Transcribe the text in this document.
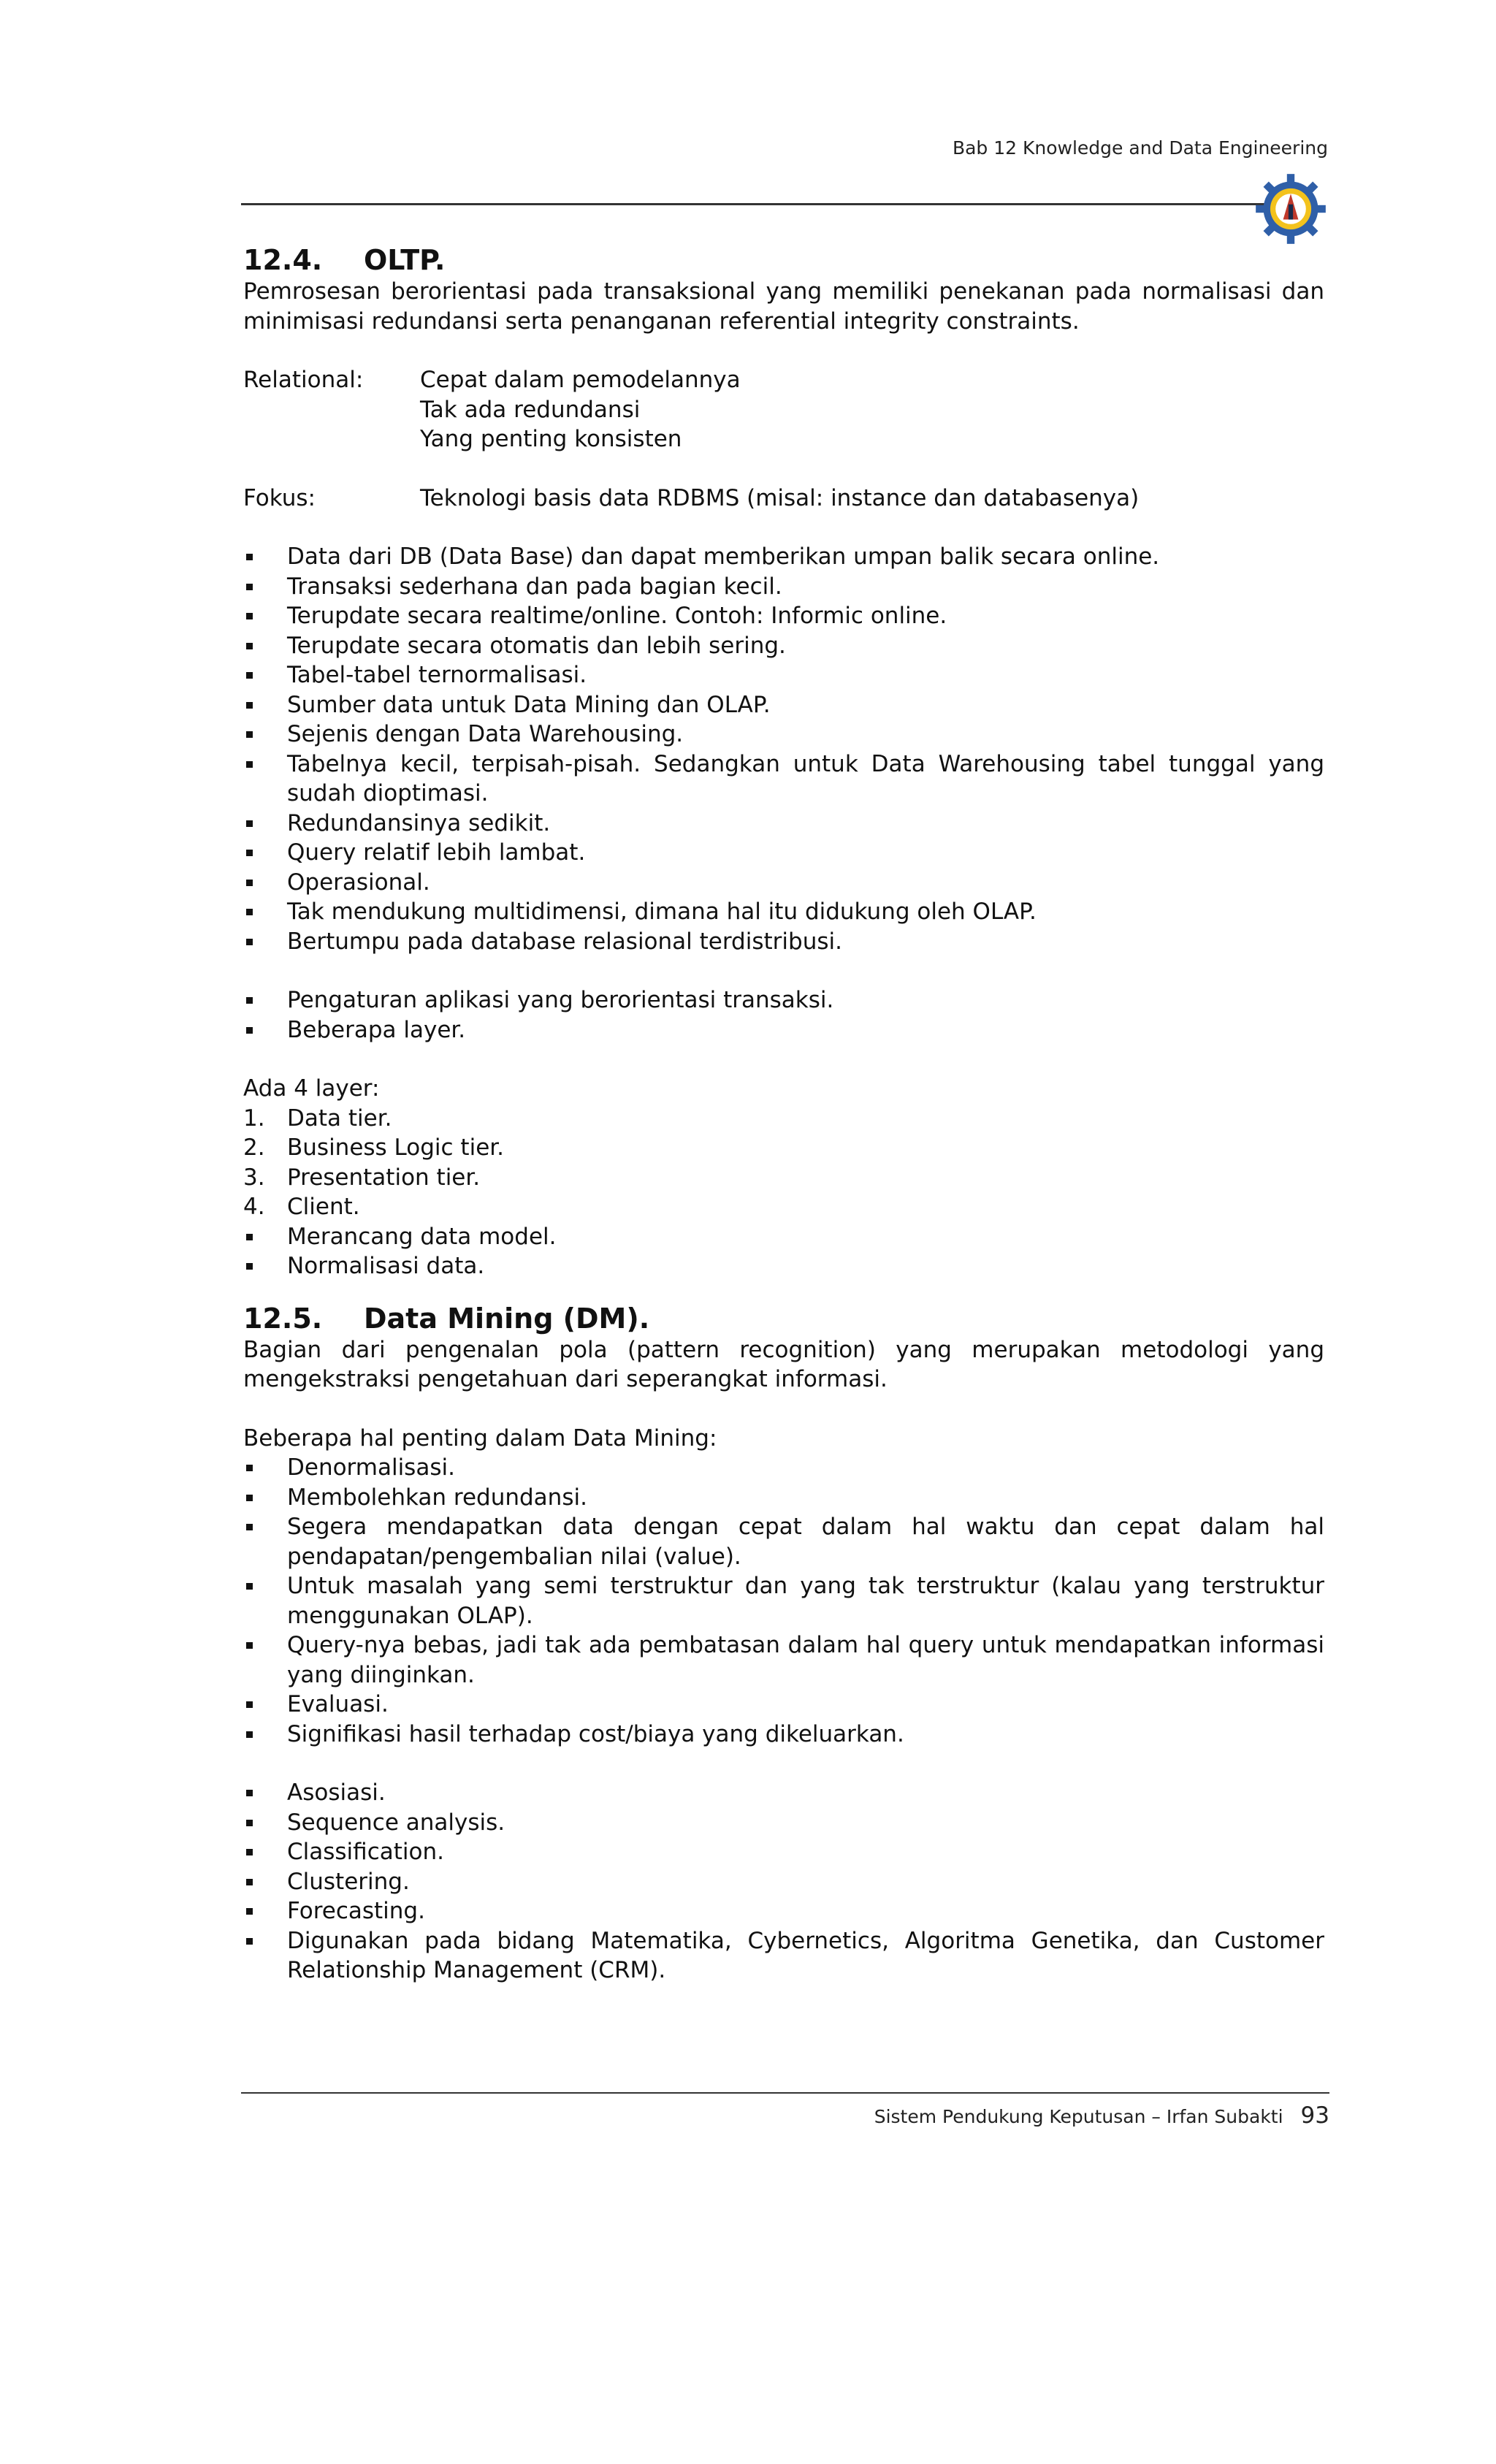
Bab 12 Knowledge and Data Engineering
12.4.	OLTP.

Pemrosesan berorientasi pada transaksional yang memiliki penekanan pada normalisasi dan minimisasi redundansi serta penanganan referential integrity constraints.

Relational:	Cepat dalam pemodelannya
Tak ada redundansi
Yang penting konsisten
Fokus:	Teknologi basis data RDBMS (misal: instance dan databasenya)
Data dari DB (Data Base) dan dapat memberikan umpan balik secara online.
Transaksi sederhana dan pada bagian kecil.
Terupdate secara realtime/online. Contoh: Informic online.
Terupdate secara otomatis dan lebih sering.
Tabel-tabel ternormalisasi.
Sumber data untuk Data Mining dan OLAP.
Sejenis dengan Data Warehousing.
Tabelnya kecil, terpisah-pisah. Sedangkan untuk Data Warehousing tabel tunggal yang sudah dioptimasi.
Redundansinya sedikit.
Query relatif lebih lambat.
Operasional.
Tak mendukung multidimensi, dimana hal itu didukung oleh OLAP.
Bertumpu pada database relasional terdistribusi.
Pengaturan aplikasi yang berorientasi transaksi.
Beberapa layer.
Ada 4 layer:
1. Data tier.
2. Business Logic tier.
3. Presentation tier.
4. Client.
Merancang data model.
Normalisasi data.
12.5.	Data Mining (DM).

Bagian dari pengenalan pola (pattern recognition) yang merupakan metodologi yang mengekstraksi pengetahuan dari seperangkat informasi.

Beberapa hal penting dalam Data Mining:
Denormalisasi.
Membolehkan redundansi.
Segera mendapatkan data dengan cepat dalam hal waktu dan cepat dalam hal pendapatan/pengembalian nilai (value).
Untuk masalah yang semi terstruktur dan yang tak terstruktur (kalau yang terstruktur menggunakan OLAP).
Query-nya bebas, jadi tak ada pembatasan dalam hal query untuk mendapatkan informasi yang diinginkan.
Evaluasi.
Signifikasi hasil terhadap cost/biaya yang dikeluarkan.
Asosiasi.
Sequence analysis.
Classification.
Clustering.
Forecasting.
Digunakan pada bidang Matematika, Cybernetics, Algoritma Genetika, dan Customer Relationship Management (CRM).
Sistem Pendukung Keputusan – Irfan Subakti 93
